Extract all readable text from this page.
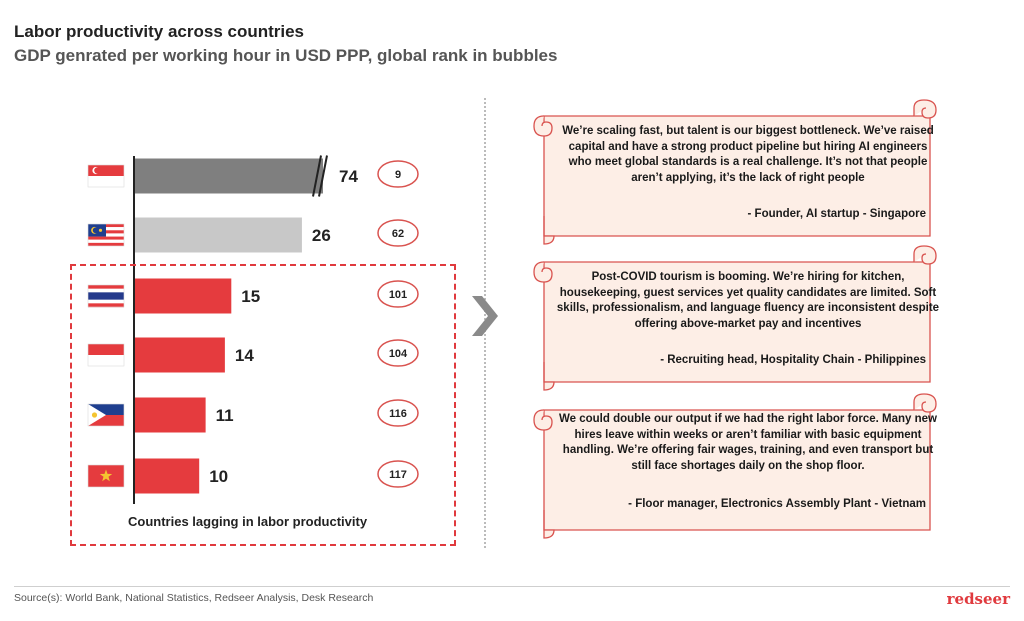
Labor productivity across countries
GDP genrated per working hour in USD PPP, global rank in bubbles
74
26
15
14
11
10
9
62
101
104
116
117
Countries lagging in labor productivity
We’re scaling fast, but talent is our biggest bottleneck. We’ve raised capital and have a strong product pipeline but hiring AI engineers who meet global standards is a real challenge. It’s not that people aren’t applying, it’s the lack of right people
- Founder, AI startup - Singapore
Post-COVID tourism is booming. We’re hiring for kitchen, housekeeping, guest services yet quality candidates are limited. Soft skills, professionalism, and language fluency are inconsistent despite offering above-market pay and incentives
- Recruiting head, Hospitality Chain - Philippines
We could double our output if we had the right labor force. Many new hires leave within weeks or aren’t familiar with basic equipment handling. We’re offering fair wages, training, and even transport but still face shortages daily on the shop floor.
- Floor manager, Electronics Assembly Plant - Vietnam
Source(s): World Bank, National Statistics, Redseer Analysis, Desk Research	redseer
